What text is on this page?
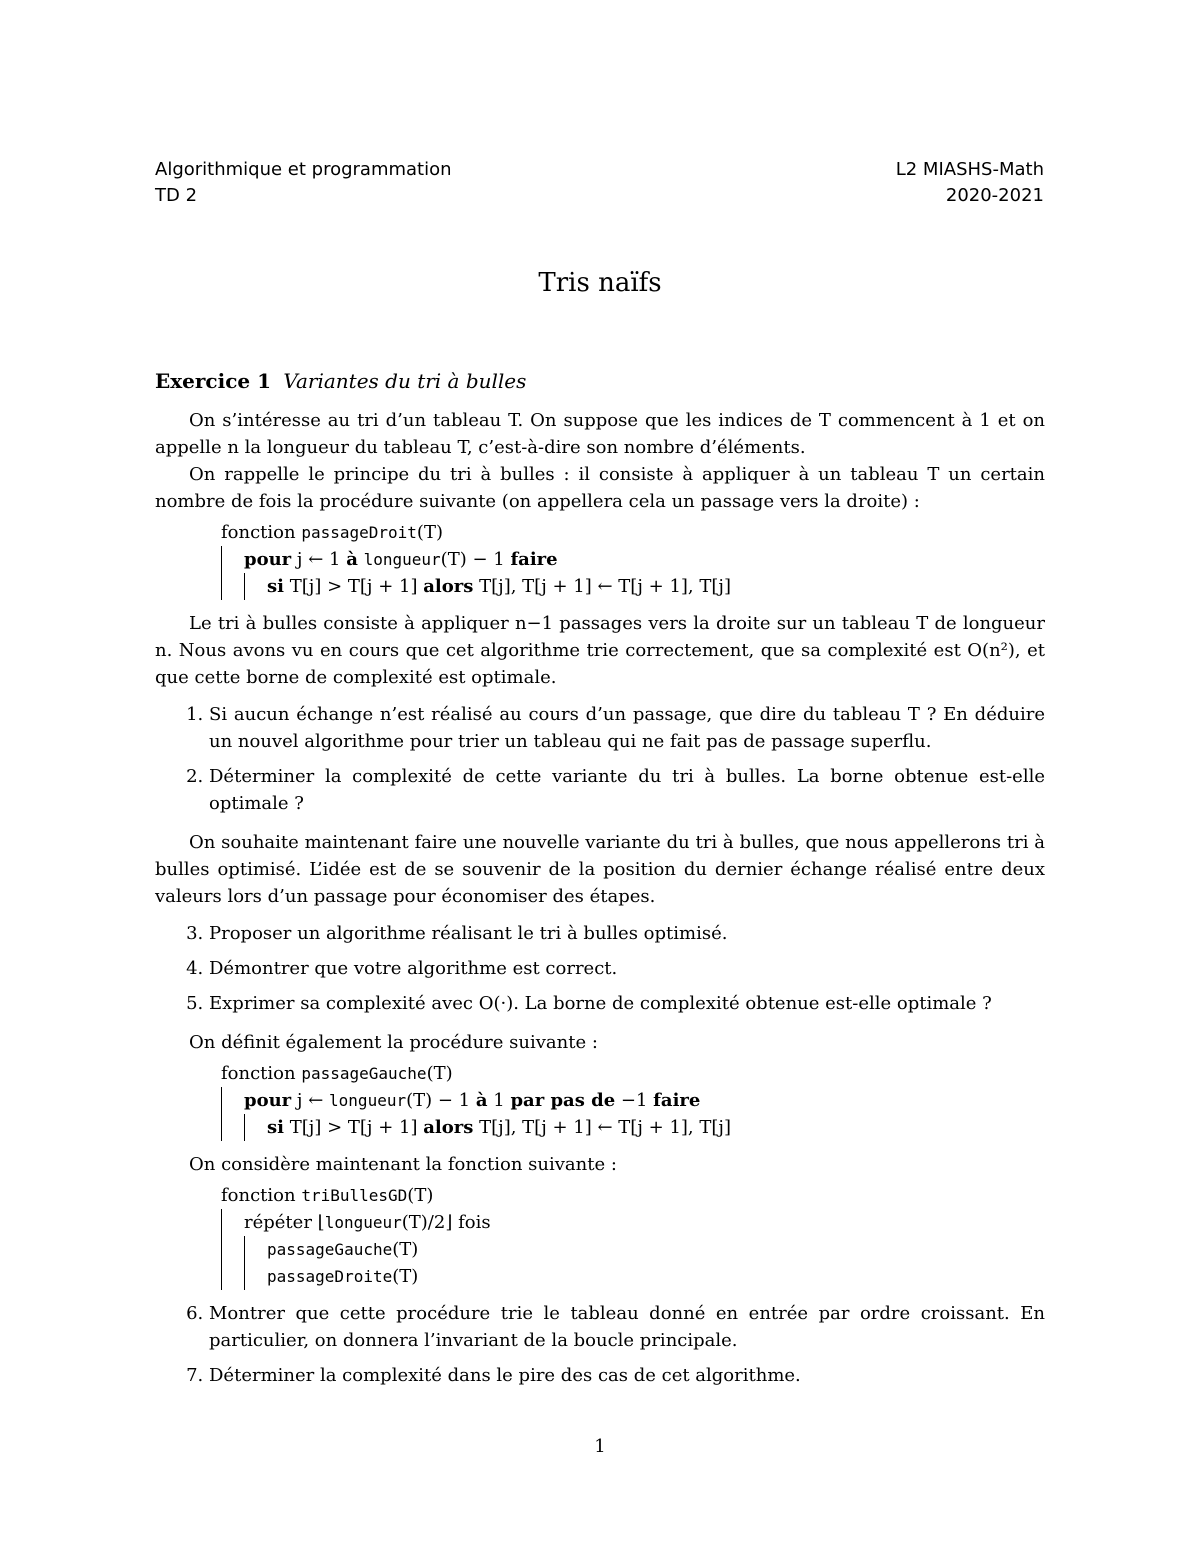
Algorithmique et programmation
TD 2
L2 MIASHS-Math
2020-2021
Tris naïfs
Exercice 1 Variantes du tri à bulles

On s’intéresse au tri d’un tableau T. On suppose que les indices de T commencent à 1 et on appelle n la longueur du tableau T, c’est-à-dire son nombre d’éléments.

On rappelle le principe du tri à bulles : il consiste à appliquer à un tableau T un certain nombre de fois la procédure suivante (on appellera cela un passage vers la droite) :

fonction passageDroit(T)
pour j ← 1 à longueur(T) − 1 faire
si T[j] > T[j + 1] alors T[j], T[j + 1] ← T[j + 1], T[j]

Le tri à bulles consiste à appliquer n−1 passages vers la droite sur un tableau T de longueur n. Nous avons vu en cours que cet algorithme trie correctement, que sa complexité est O(n²), et que cette borne de complexité est optimale.

1. Si aucun échange n’est réalisé au cours d’un passage, que dire du tableau T ? En déduire un nouvel algorithme pour trier un tableau qui ne fait pas de passage superflu.
2. Déterminer la complexité de cette variante du tri à bulles. La borne obtenue est-elle optimale ?

On souhaite maintenant faire une nouvelle variante du tri à bulles, que nous appellerons tri à bulles optimisé. L’idée est de se souvenir de la position du dernier échange réalisé entre deux valeurs lors d’un passage pour économiser des étapes.

3. Proposer un algorithme réalisant le tri à bulles optimisé.
4. Démontrer que votre algorithme est correct.
5. Exprimer sa complexité avec O(·). La borne de complexité obtenue est-elle optimale ?

On définit également la procédure suivante :

fonction passageGauche(T)
pour j ← longueur(T) − 1 à 1 par pas de −1 faire
si T[j] > T[j + 1] alors T[j], T[j + 1] ← T[j + 1], T[j]

On considère maintenant la fonction suivante :

fonction triBullesGD(T)
répéter ⌊longueur(T)/2⌋ fois
passageGauche(T)
passageDroite(T)
6. Montrer que cette procédure trie le tableau donné en entrée par ordre croissant. En particulier, on donnera l’invariant de la boucle principale.
7. Déterminer la complexité dans le pire des cas de cet algorithme.
1
